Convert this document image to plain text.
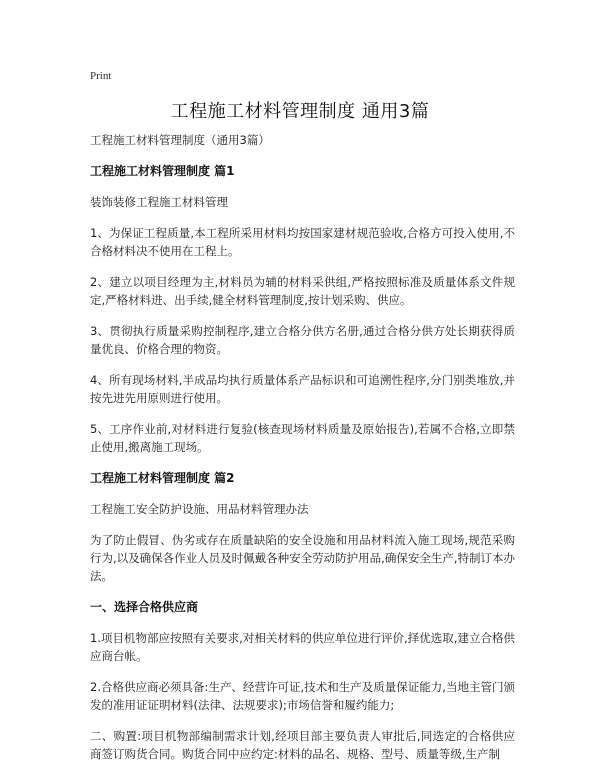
Print
工程施工材料管理制度 通用3篇
工程施工材料管理制度（通用3篇）
工程施工材料管理制度 篇1
装饰装修工程施工材料管理
1、为保证工程质量,本工程所采用材料均按国家建材规范验收,合格方可投入使用,不合格材料决不使用在工程上。
2、建立以项目经理为主,材料员为辅的材料采供组,严格按照标准及质量体系文件规定,严格材料进、出手续,健全材料管理制度,按计划采购、供应。
3、贯彻执行质量采购控制程序,建立合格分供方名册,通过合格分供方处长期获得质量优良、价格合理的物资。
4、所有现场材料,半成品均执行质量体系产品标识和可追溯性程序,分门别类堆放,并按先进先用原则进行使用。
5、工序作业前,对材料进行复验(核查现场材料质量及原始报告),若属不合格,立即禁止使用,搬离施工现场。
工程施工材料管理制度 篇2
工程施工安全防护设施、用品材料管理办法
为了防止假冒、伪劣或存在质量缺陷的安全设施和用品材料流入施工现场,规范采购行为,以及确保各作业人员及时佩戴各种安全劳动防护用品,确保安全生产,特制订本办法。
一、选择合格供应商
1.项目机物部应按照有关要求,对相关材料的供应单位进行评价,择优选取,建立合格供应商台帐。
2.合格供应商必须具备:生产、经营许可证,技术和生产及质量保证能力,当地主管门颁发的准用证证明材料(法律、法规要求);市场信誉和履约能力;
二、购置:项目机物部编制需求计划,经项目部主要负责人审批后,同选定的合格供应商签订购货合同。购货合同中应约定:材料的品名、规格、型号、质量等级,生产制
